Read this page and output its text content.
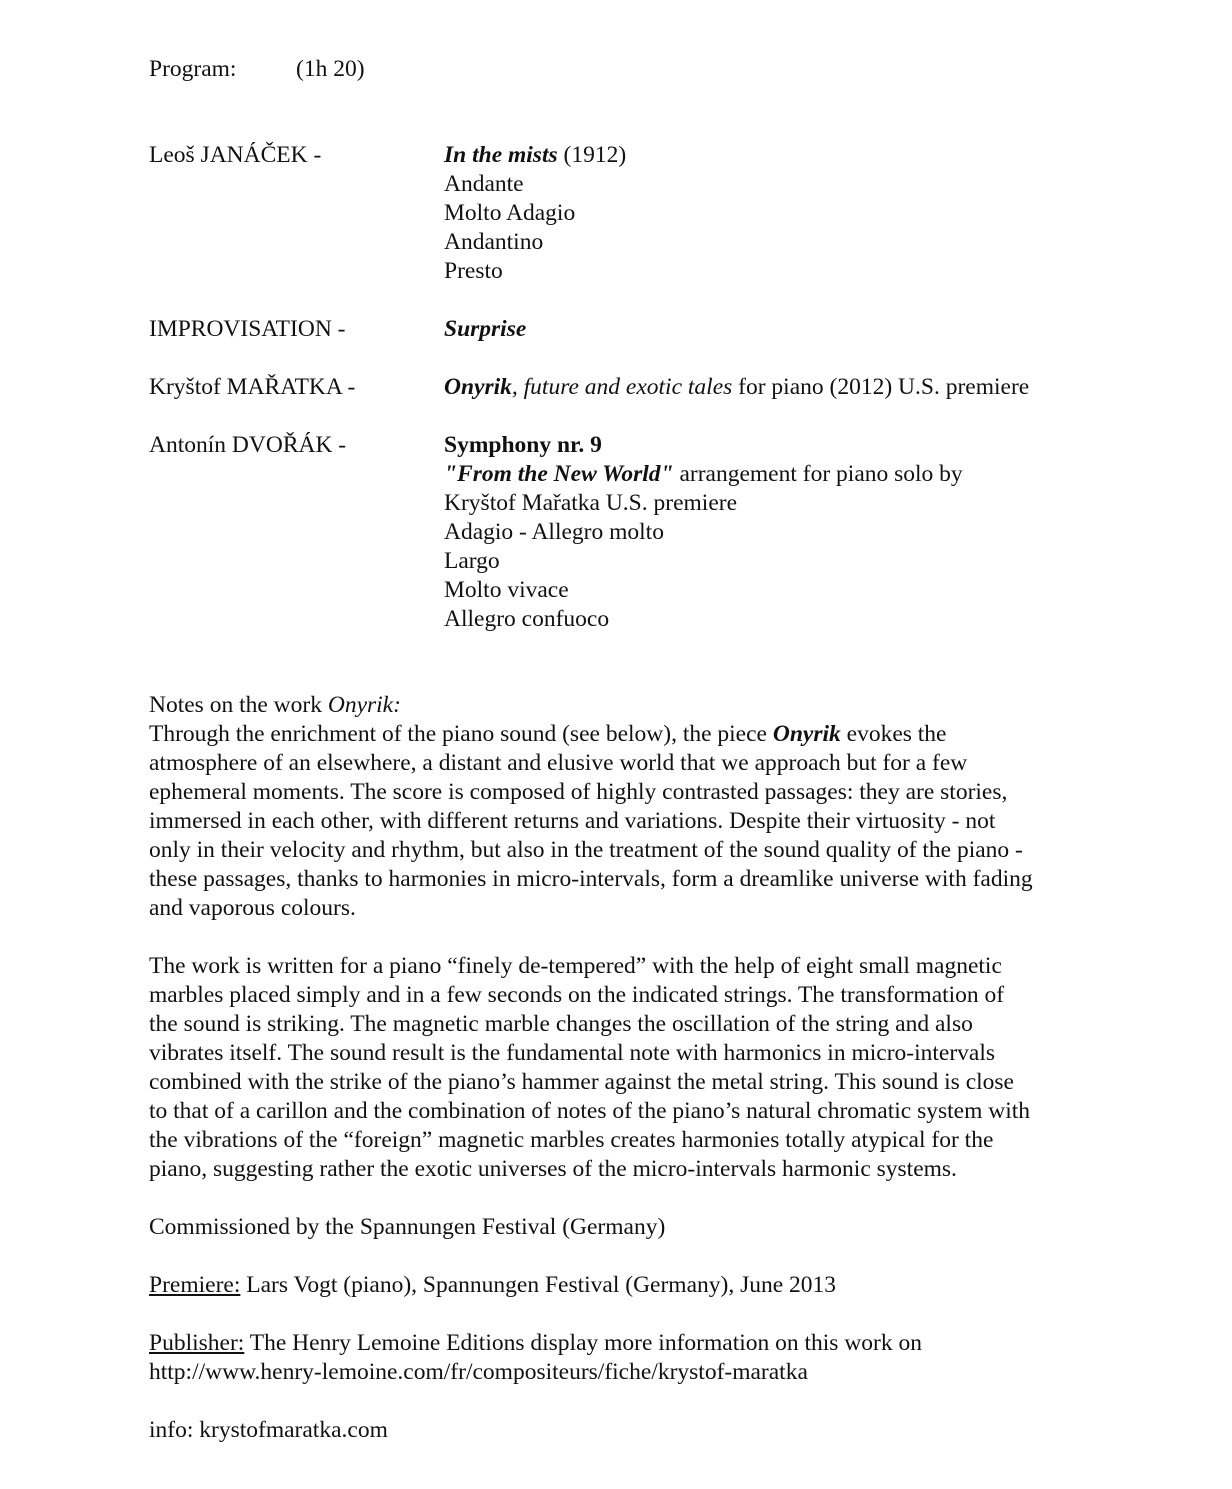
Program:	(1h 20)
Leoš JANÁČEK -	In the mists (1912)
Andante
Molto Adagio
Andantino
Presto
IMPROVISATION -	Surprise
Kryštof MAŘATKA -	Onyrik, future and exotic tales for piano (2012) U.S. premiere
Antonín DVOŘÁK -	Symphony nr. 9
"From the New World" arrangement for piano solo by
Kryštof Mařatka U.S. premiere
Adagio - Allegro molto
Largo
Molto vivace
Allegro confuoco
Notes on the work Onyrik:
Through the enrichment of the piano sound (see below), the piece Onyrik evokes the
atmosphere of an elsewhere, a distant and elusive world that we approach but for a few
ephemeral moments. The score is composed of highly contrasted passages: they are stories,
immersed in each other, with different returns and variations. Despite their virtuosity - not
only in their velocity and rhythm, but also in the treatment of the sound quality of the piano -
these passages, thanks to harmonies in micro-intervals, form a dreamlike universe with fading
and vaporous colours.
The work is written for a piano “finely de-tempered” with the help of eight small magnetic
marbles placed simply and in a few seconds on the indicated strings. The transformation of
the sound is striking. The magnetic marble changes the oscillation of the string and also
vibrates itself. The sound result is the fundamental note with harmonics in micro-intervals
combined with the strike of the piano’s hammer against the metal string. This sound is close
to that of a carillon and the combination of notes of the piano’s natural chromatic system with
the vibrations of the “foreign” magnetic marbles creates harmonies totally atypical for the
piano, suggesting rather the exotic universes of the micro-intervals harmonic systems.
Commissioned by the Spannungen Festival (Germany)
Premiere: Lars Vogt (piano), Spannungen Festival (Germany), June 2013
Publisher: The Henry Lemoine Editions display more information on this work on
http://www.henry-lemoine.com/fr/compositeurs/fiche/krystof-maratka
info: krystofmaratka.com
